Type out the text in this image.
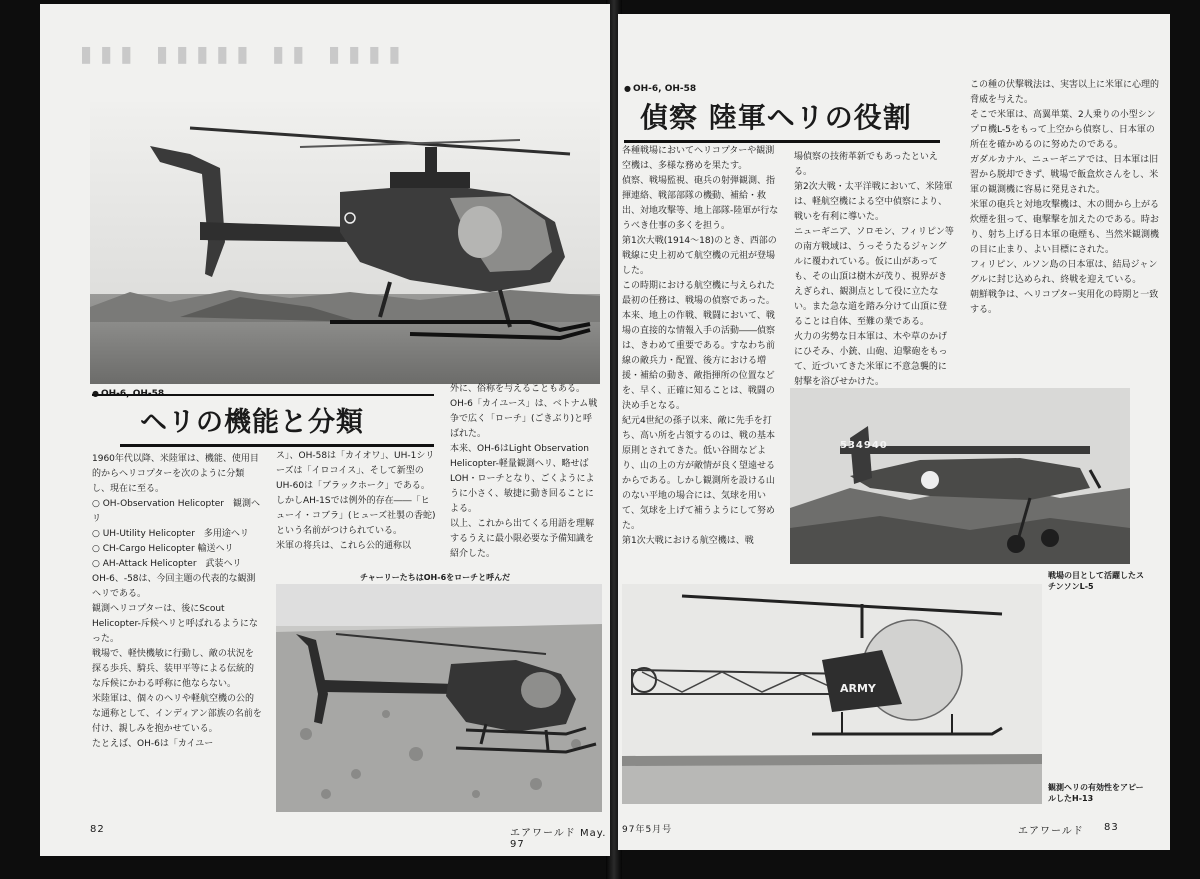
▮▮▮ ▮▮▮▮▮ ▮▮ ▮▮▮▮
●
ヘリの機能と分類

1960年代以降、米陸軍は、機能、使用目的からヘリコプターを次のように分類し、現在に至る。

○ OH-Observation Helicopter　観測ヘリ

○ UH-Utility Helicopter　多用途ヘリ

○ CH-Cargo Helicopter 輸送ヘリ

○ AH-Attack Helicopter　武装ヘリ

OH-6、-58は、今回主題の代表的な観測ヘリである。

観測ヘリコプターは、後にScout Helicopter-斥候ヘリと呼ばれるようになった。

戦場で、軽快機敏に行動し、敵の状況を探る歩兵、騎兵、装甲平等による伝統的な斥候にかわる呼称に他ならない。

米陸軍は、個々のヘリや軽航空機の公的な通称として、インディアン部族の名前を付け、親しみを抱かせている。

たとえば、OH-6は「カイユー

ス」、OH-58は「カイオワ」、UH-1シリーズは「イロコイス」、そして新型のUH-60は「ブラックホーク」である。しかしAH-1Sでは例外的存在――「ヒューイ・コブラ」(ヒューズ社製の香蛇)という名前がつけられている。

米軍の将兵は、これら公的通称以

外に、俗称を与えることもある。OH-6「カイユース」は、ベトナム戦争で広く「ローチ」(ごきぶり)と呼ばれた。

本来、OH-6はLight Observation Helicopter-軽量観測ヘリ、略せばLOH・ローチとなり、ごくようにように小さく、敏捷に動き回ることによる。

以上、これから出てくる用語を理解するうえに最小限必要な予備知識を紹介した。

チャーリーたちはOH-6をローチと呼んだ
82	エアワールド May. 97
● OH-6, OH-58
偵察 陸軍ヘリの役割

各種戦場においてヘリコプターや観測空機は、多様な務めを果たす。

偵察、戦場監視、砲兵の射弾観測、指揮連絡、戦部部隊の機動、補給・救出、対地攻撃等、地上部隊-陸軍が行なうべき仕事の多くを担う。

第1次大戦(1914〜18)のとき、西部の戦線に史上初めて航空機の元祖が登場した。

この時期における航空機に与えられた最初の任務は、戦場の偵察であった。

本来、地上の作戦、戦闘において、戦場の直接的な情報入手の活動――偵察は、きわめて重要である。すなわち前線の敵兵力・配置、後方における増援・補給の動き、敵指揮所の位置などを、早く、正確に知ることは、戦闘の決め手となる。

紀元4世紀の孫子以来、敵に先手を打ち、高い所を占領するのは、戦の基本原則とされてきた。低い谷間などより、山の上の方が敵情が良く望遠せるからである。しかし観測所を設ける山のない平地の場合には、気球を用いて、気球を上げて補うようにして努めた。

第1次大戦における航空機は、戦

場偵察の技術革新でもあったといえる。

第2次大戦・太平洋戦において、米陸軍は、軽航空機による空中偵察により、戦いを有利に導いた。

ニューギニア、ソロモン、フィリピン等の南方戦域は、うっそうたるジャングルに覆われている。仮に山があっても、その山頂は樹木が茂り、視界がきえぎられ、観測点として役に立たない。また急な道を踏み分けて山頂に登ることは自体、至難の業である。

火力の劣勢な日本軍は、木や草のかげにひそみ、小銃、山砲、迫撃砲をもって、近づいてきた米軍に不意急襲的に射撃を浴びせかけた。

この種の伏撃戦法は、実害以上に米軍に心理的脅威を与えた。

そこで米軍は、高翼単葉、2人乗りの小型シンプロ機L-5をもって上空から偵察し、日本軍の所在を確かめるのに努めたのである。

ガダルカナル、ニューギニアでは、日本軍は旧習から脱却できず、戦場で飯盒炊さんをし、米軍の観測機に容易に発見された。

米軍の砲兵と対地攻撃機は、木の間から上がる炊煙を狙って、砲撃撃を加えたのである。時おり、射ち上げる日本軍の砲煙も、当然米観測機の目に止まり、よい目標にされた。

フィリピン、ルソン島の日本軍は、結局ジャングルに封じ込められ、終戦を迎えている。

朝鮮戦争は、ヘリコプター実用化の時期と一致する。

534940
戦場の目として活躍したスチンソンL-5
ARMY
観測ヘリの有効性をアピールしたH-13
97年5月号	エアワールド 83
